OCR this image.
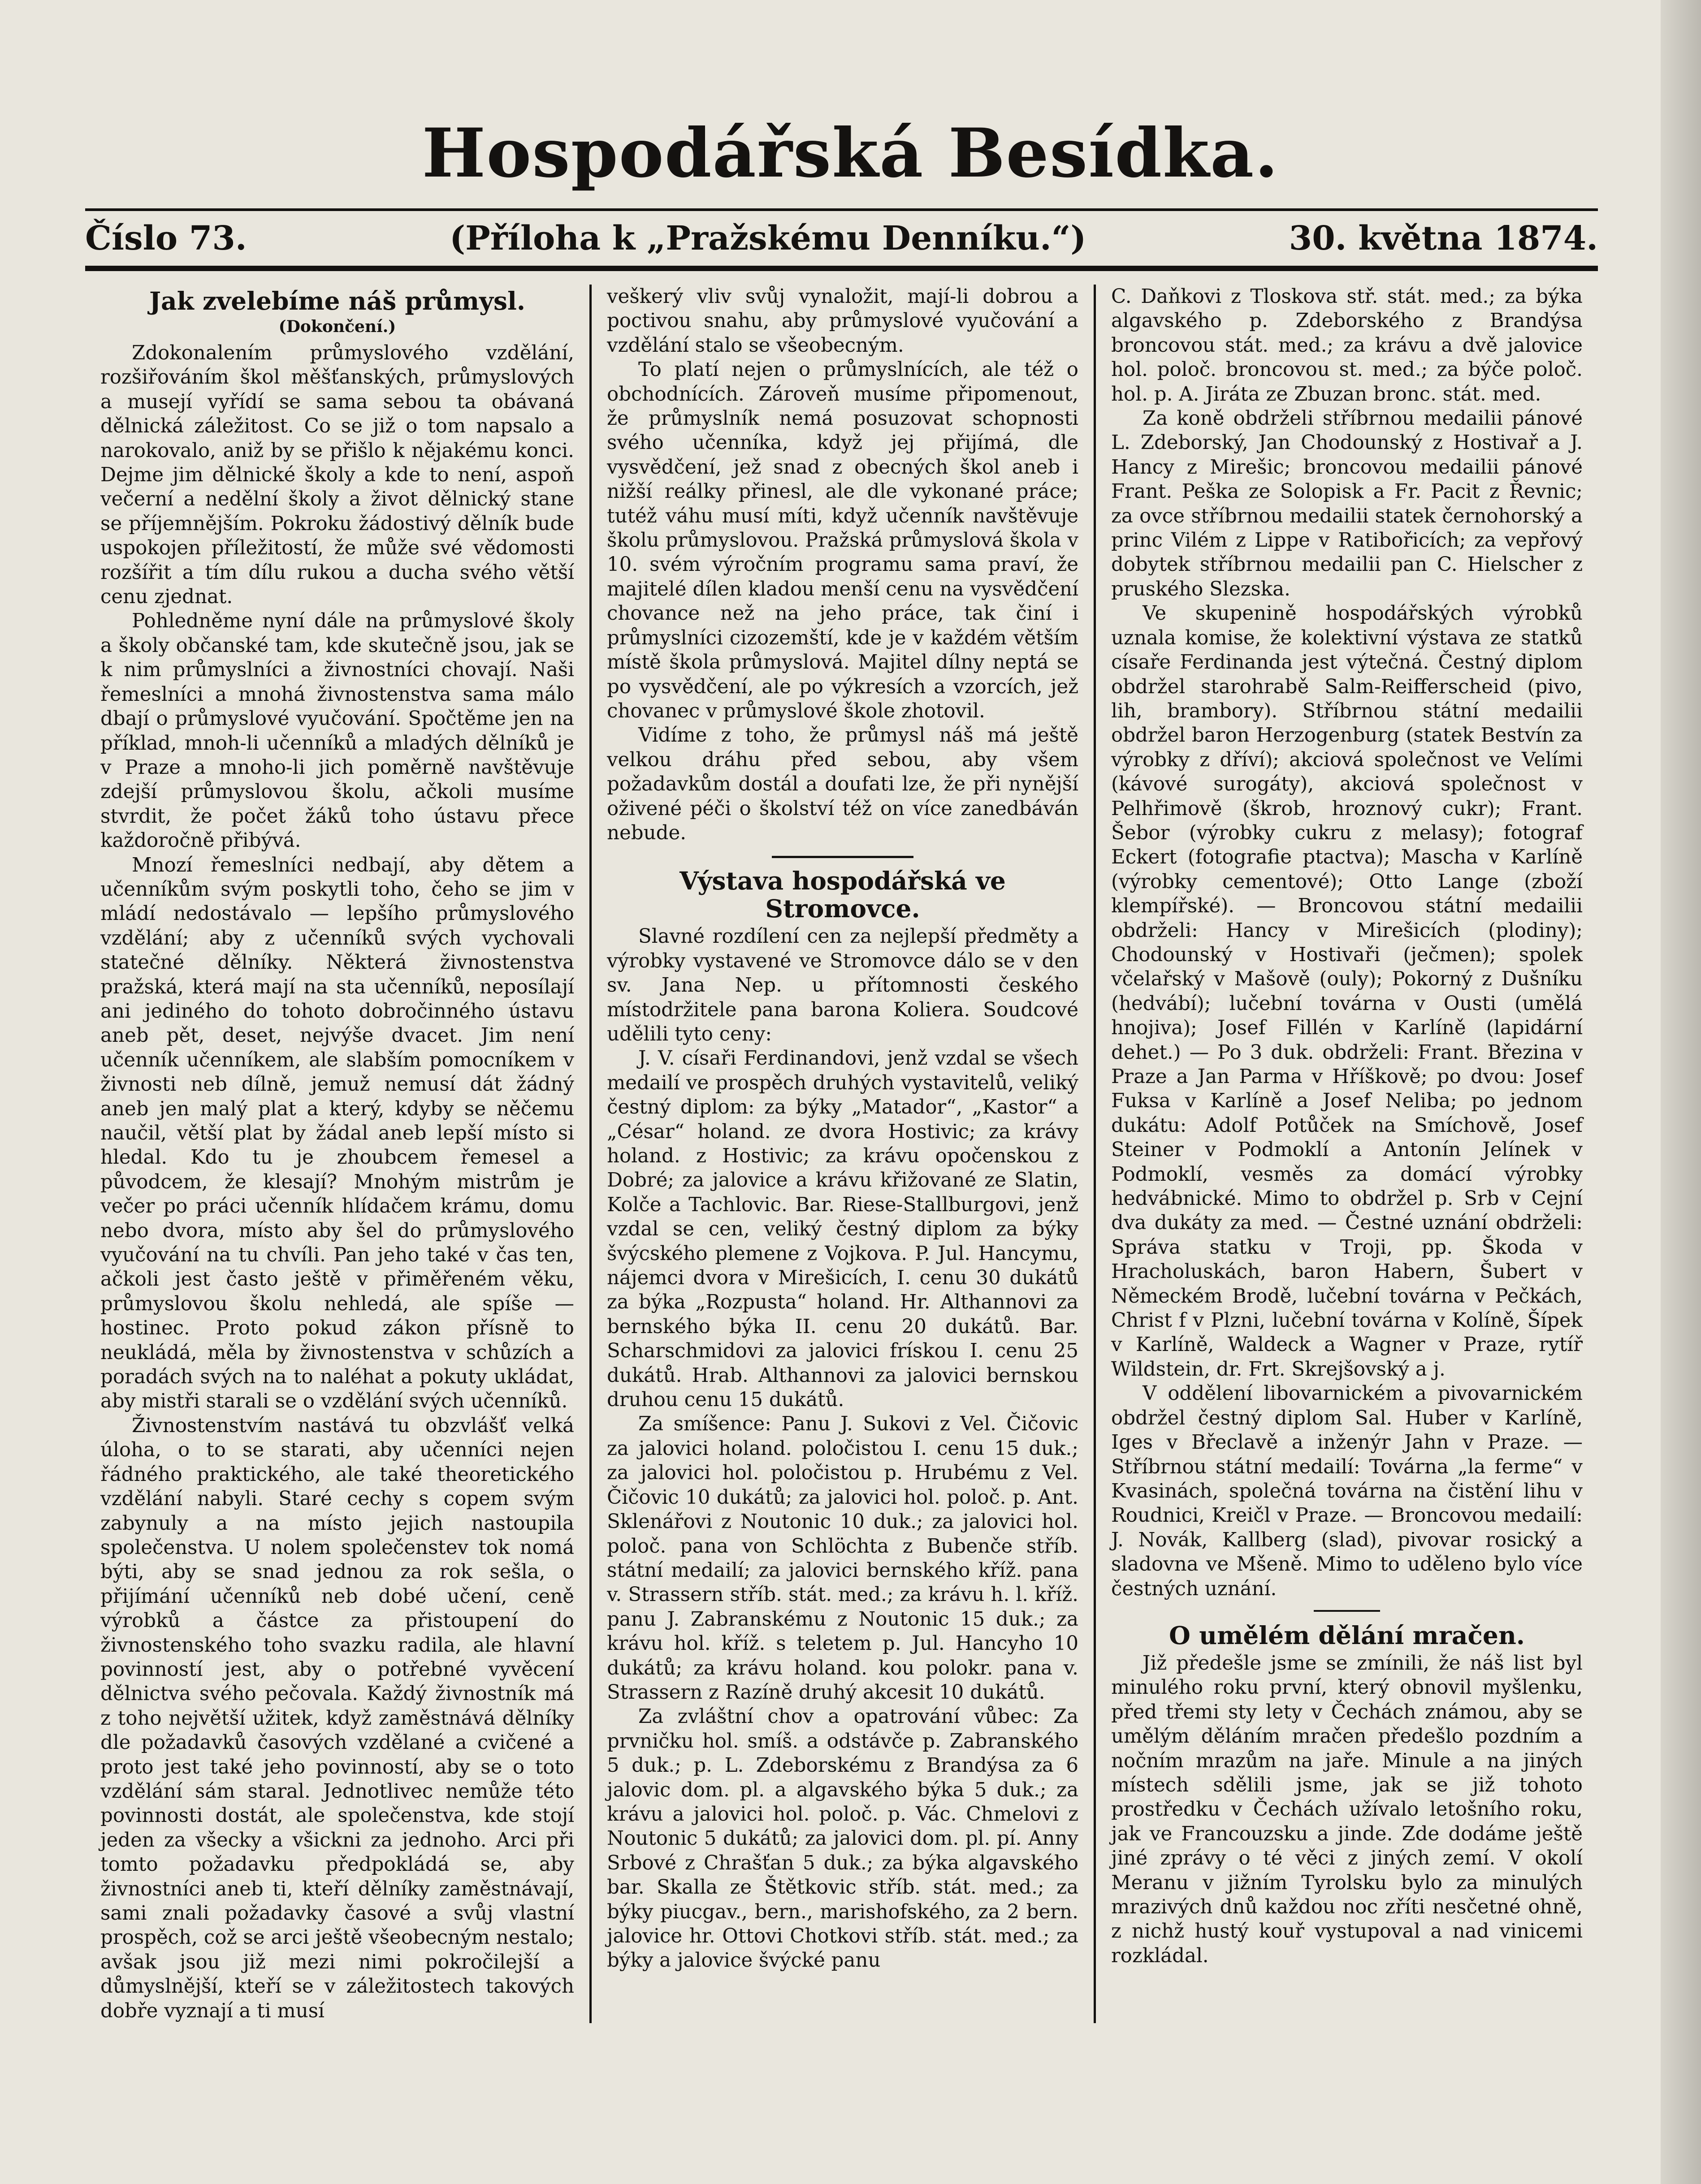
Hospodářská Besídka.
Číslo 73.	(Příloha k „Pražskému Denníku.“)	30. května 1874.
Jak zvelebíme náš průmysl.
(Dokončení.)

Zdokonalením průmyslového vzdělání, rozšiřováním škol měšťanských, průmyslových a musejí vyřídí se sama sebou ta obávaná dělnická záležitost. Co se již o tom napsalo a narokovalo, aniž by se přišlo k nějakému konci. Dejme jim dělnické školy a kde to není, aspoň večerní a nedělní školy a život dělnický stane se příjemnějším. Pokroku žádostivý dělník bude uspokojen příležitostí, že může své vědomosti rozšířit a tím dílu rukou a ducha svého větší cenu zjednat.

Pohledněme nyní dále na průmyslové školy a školy občanské tam, kde skutečně jsou, jak se k nim průmyslníci a živnostníci chovají. Naši řemeslníci a mnohá živnostenstva sama málo dbají o průmyslové vyučování. Spočtěme jen na příklad, mnoh-li učenníků a mladých dělníků je v Praze a mnoho-li jich poměrně navštěvuje zdejší průmyslovou školu, ačkoli musíme stvrdit, že počet žáků toho ústavu přece každoročně přibývá.

Mnozí řemeslníci nedbají, aby dětem a učenníkům svým poskytli toho, čeho se jim v mládí nedostávalo — lepšího průmyslového vzdělání; aby z učenníků svých vychovali statečné dělníky. Některá živnostenstva pražská, která mají na sta učenníků, neposílají ani jediného do tohoto dobročinného ústavu aneb pět, deset, nejvýše dvacet. Jim není učenník učenníkem, ale slabším pomocníkem v živnosti neb dílně, jemuž nemusí dát žádný aneb jen malý plat a který, kdyby se něčemu naučil, větší plat by žádal aneb lepší místo si hledal. Kdo tu je zhoubcem řemesel a původcem, že klesají? Mnohým mistrům je večer po práci učenník hlídačem krámu, domu nebo dvora, místo aby šel do průmyslového vyučování na tu chvíli. Pan jeho také v čas ten, ačkoli jest často ještě v přiměřeném věku, průmyslovou školu nehledá, ale spíše — hostinec. Proto pokud zákon přísně to neukládá, měla by živnostenstva v schůzích a poradách svých na to naléhat a pokuty ukládat, aby mistři starali se o vzdělání svých učenníků.

Živnostenstvím nastává tu obzvlášť velká úloha, o to se starati, aby učenníci nejen řádného praktického, ale také theoretického vzdělání nabyli. Staré cechy s copem svým zabynuly a na místo jejich nastoupila společenstva. U nolem společenstev tok nomá býti, aby se snad jednou za rok sešla, o přijímání učenníků neb dobé učení, ceně výrobků a částce za přistoupení do živnostenského toho svazku radila, ale hlavní povinností jest, aby o potřebné vyvěcení dělnictva svého pečovala. Každý živnostník má z toho největší užitek, když zaměstnává dělníky dle požadavků časových vzdělané a cvičené a proto jest také jeho povinností, aby se o toto vzdělání sám staral. Jednotlivec nemůže této povinnosti dostát, ale společenstva, kde stojí jeden za všecky a všickni za jednoho. Arci při tomto požadavku předpokládá se, aby živnostníci aneb ti, kteří dělníky zaměstnávají, sami znali požadavky časové a svůj vlastní prospěch, což se arci ještě všeobecným nestalo; avšak jsou již mezi nimi pokročilejší a důmyslnější, kteří se v záležitostech takových dobře vyznají a ti musí

veškerý vliv svůj vynaložit, mají-li dobrou a poctivou snahu, aby průmyslové vyučování a vzdělání stalo se všeobecným.

To platí nejen o průmyslnících, ale též o obchodnících. Zároveň musíme připomenout, že průmyslník nemá posuzovat schopnosti svého učenníka, když jej přijímá, dle vysvědčení, jež snad z obecných škol aneb i nižší reálky přinesl, ale dle vykonané práce; tutéž váhu musí míti, když učenník navštěvuje školu průmyslovou. Pražská průmyslová škola v 10. svém výročním programu sama praví, že majitelé dílen kladou menší cenu na vysvědčení chovance než na jeho práce, tak činí i průmyslníci cizozemští, kde je v každém větším místě škola průmyslová. Majitel dílny neptá se po vysvědčení, ale po výkresích a vzorcích, jež chovanec v průmyslové škole zhotovil.

Vidíme z toho, že průmysl náš má ještě velkou dráhu před sebou, aby všem požadavkům dostál a doufati lze, že při nynější oživené péči o školství též on více zanedbáván nebude.

Výstava hospodářská ve Stromovce.

Slavné rozdílení cen za nejlepší předměty a výrobky vystavené ve Stromovce dálo se v den sv. Jana Nep. u přítomnosti českého místodržitele pana barona Koliera. Soudcové udělili tyto ceny:

J. V. císaři Ferdinandovi, jenž vzdal se všech medailí ve prospěch druhých vystavitelů, veliký čestný diplom: za býky „Matador“, „Kastor“ a „César“ holand. ze dvora Hostivic; za krávy holand. z Hostivic; za krávu opočenskou z Dobré; za jalovice a krávu křižované ze Slatin, Kolče a Tachlovic. Bar. Riese-Stallburgovi, jenž vzdal se cen, veliký čestný diplom za býky švýcského plemene z Vojkova. P. Jul. Hancymu, nájemci dvora v Mirešicích, I. cenu 30 dukátů za býka „Rozpusta“ holand. Hr. Althannovi za bernského býka II. cenu 20 dukátů. Bar. Scharschmidovi za jalovici frískou I. cenu 25 dukátů. Hrab. Althannovi za jalovici bernskou druhou cenu 15 dukátů.

Za smíšence: Panu J. Sukovi z Vel. Čičovic za jalovici holand. poločistou I. cenu 15 duk.; za jalovici hol. poločistou p. Hrubému z Vel. Čičovic 10 dukátů; za jalovici hol. poloč. p. Ant. Sklenářovi z Noutonic 10 duk.; za jalovici hol. poloč. pana von Schlöchta z Bubenče stříb. státní medailí; za jalovici bernského kříž. pana v. Strassern stříb. stát. med.; za krávu h. l. kříž. panu J. Zabranskému z Noutonic 15 duk.; za krávu hol. kříž. s teletem p. Jul. Hancyho 10 dukátů; za krávu holand. kou polokr. pana v. Strassern z Razíně druhý akcesit 10 dukátů.

Za zvláštní chov a opatrování vůbec: Za prvničku hol. smíš. a odstávče p. Zabranského 5 duk.; p. L. Zdeborskému z Brandýsa za 6 jalovic dom. pl. a algavského býka 5 duk.; za krávu a jalovici hol. poloč. p. Vác. Chmelovi z Noutonic 5 dukátů; za jalovici dom. pl. pí. Anny Srbové z Chrašťan 5 duk.; za býka algavského bar. Skalla ze Štětkovic stříb. stát. med.; za býky piucgav., bern., marishofského, za 2 bern. jalovice hr. Ottovi Chotkovi stříb. stát. med.; za býky a jalovice švýcké panu

C. Daňkovi z Tloskova stř. stát. med.; za býka algavského p. Zdeborského z Brandýsa broncovou stát. med.; za krávu a dvě jalovice hol. poloč. broncovou st. med.; za býče poloč. hol. p. A. Jiráta ze Zbuzan bronc. stát. med.

Za koně obdrželi stříbrnou medailii pánové L. Zdeborský, Jan Chodounský z Hostivař a J. Hancy z Mirešic; broncovou medailii pánové Frant. Peška ze Solopisk a Fr. Pacit z Řevnic; za ovce stříbrnou medailii statek černohorský a princ Vilém z Lippe v Ratibořicích; za vepřový dobytek stříbrnou medailii pan C. Hielscher z pruského Slezska.

Ve skupenině hospodářských výrobků uznala komise, že kolektivní výstava ze statků císaře Ferdinanda jest výtečná. Čestný diplom obdržel starohrabě Salm-Reifferscheid (pivo, lih, brambory). Stříbrnou státní medailii obdržel baron Herzogenburg (statek Bestvín za výrobky z dříví); akciová společnost ve Velími (kávové surogáty), akciová společnost v Pelhřimově (škrob, hroznový cukr); Frant. Šebor (výrobky cukru z melasy); fotograf Eckert (fotografie ptactva); Mascha v Karlíně (výrobky cementové); Otto Lange (zboží klempířské). — Broncovou státní medailii obdrželi: Hancy v Mirešicích (plodiny); Chodounský v Hostivaři (ječmen); spolek včelařský v Mašově (ouly); Pokorný z Dušníku (hedvábí); lučební továrna v Ousti (umělá hnojiva); Josef Fillén v Karlíně (lapidární dehet.) — Po 3 duk. obdrželi: Frant. Březina v Praze a Jan Parma v Hříškově; po dvou: Josef Fuksa v Karlíně a Josef Neliba; po jednom dukátu: Adolf Potůček na Smíchově, Josef Steiner v Podmoklí a Antonín Jelínek v Podmoklí, vesměs za domácí výrobky hedvábnické. Mimo to obdržel p. Srb v Cejní dva dukáty za med. — Čestné uznání obdrželi: Správa statku v Troji, pp. Škoda v Hracholuskách, baron Habern, Šubert v Německém Brodě, lučební továrna v Pečkách, Christ f v Plzni, lučební továrna v Kolíně, Šípek v Karlíně, Waldeck a Wagner v Praze, rytíř Wildstein, dr. Frt. Skrejšovský a j.

V oddělení libovarnickém a pivovarnickém obdržel čestný diplom Sal. Huber v Karlíně, Iges v Břeclavě a inženýr Jahn v Praze. — Stříbrnou státní medailí: Továrna „la ferme“ v Kvasinách, společná továrna na čistění lihu v Roudnici, Kreičl v Praze. — Broncovou medailí: J. Novák, Kallberg (slad), pivovar rosický a sladovna ve Mšeně. Mimo to uděleno bylo více čestných uznání.

O umělém dělání mračen.

Již předešle jsme se zmínili, že náš list byl minulého roku první, který obnovil myšlenku, před třemi sty lety v Čechách známou, aby se umělým děláním mračen předešlo pozdním a nočním mrazům na jaře. Minule a na jiných místech sdělili jsme, jak se již tohoto prostředku v Čechách užívalo letošního roku, jak ve Francouzsku a jinde. Zde dodáme ještě jiné zprávy o té věci z jiných zemí. V okolí Meranu v jižním Tyrolsku bylo za minulých mrazivých dnů každou noc zříti nesčetné ohně, z nichž hustý kouř vystupoval a nad vinicemi rozkládal.
